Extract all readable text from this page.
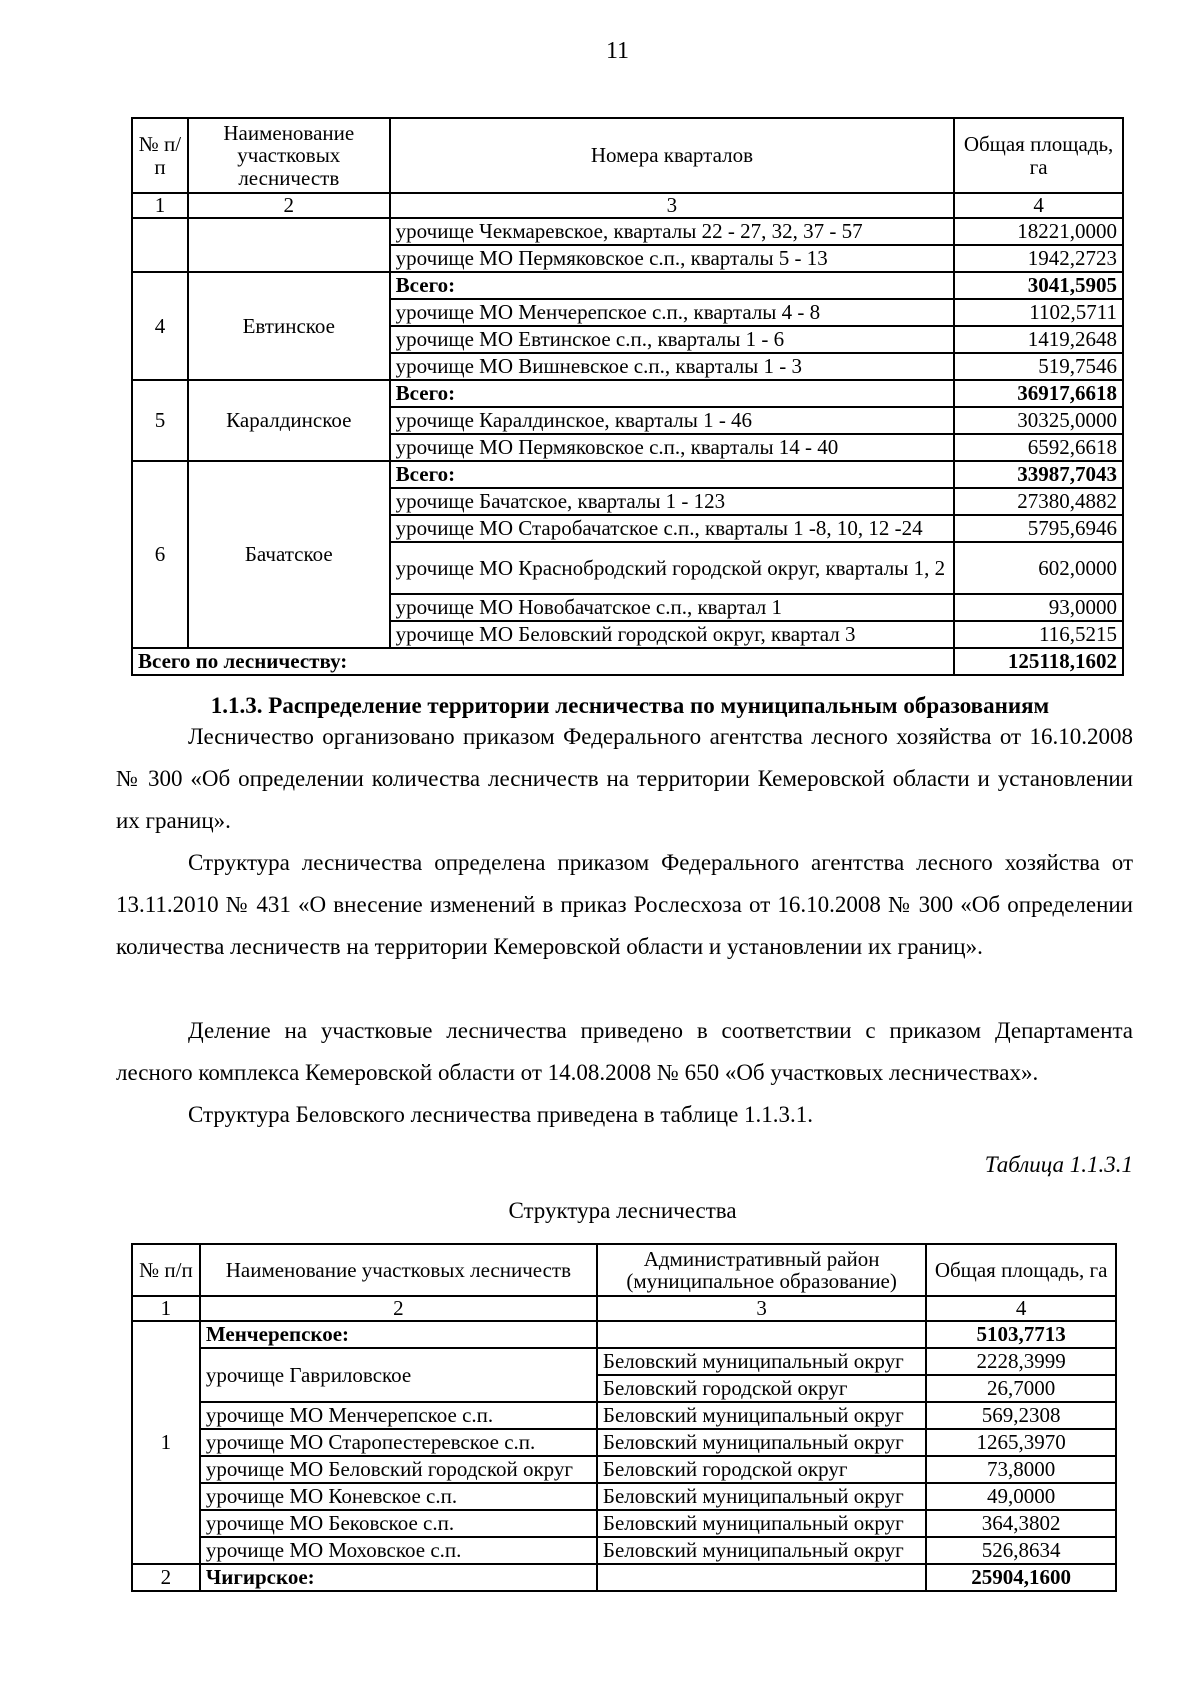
11
№ п/п	Наименование участковых лесничеств	Номера кварталов	Общая площадь, га
1	2	3	4
		урочище Чекмаревское, кварталы 22 - 27, 32, 37 - 57	18221,0000
		урочище МО Пермяковское с.п., кварталы 5 - 13	1942,2723
4	Евтинское	Всего:	3041,5905
		урочище МО Менчерепское с.п., кварталы 4 - 8	1102,5711
		урочище МО Евтинское с.п., кварталы 1 - 6	1419,2648
		урочище МО Вишневское с.п., кварталы 1 - 3	519,7546
5	Каралдинское	Всего:	36917,6618
		урочище Каралдинское, кварталы 1 - 46	30325,0000
		урочище МО Пермяковское с.п., кварталы 14 - 40	6592,6618
6	Бачатское	Всего:	33987,7043
		урочище Бачатское, кварталы 1 - 123	27380,4882
		урочище МО Старобачатское с.п., кварталы 1 -8, 10, 12 -24	5795,6946
		урочище МО Краснобродский городской округ, кварталы 1, 2	602,0000
		урочище МО Новобачатское с.п., квартал 1	93,0000
		урочище МО Беловский городской округ, квартал 3	116,5215
Всего по лесничеству:			125118,1602
1.1.3. Распределение территории лесничества по муниципальным образованиям
Лесничество организовано приказом Федерального агентства лесного хозяйства от 16.10.2008 № 300 «Об определении количества лесничеств на территории Кемеровской области и установлении их границ».
Структура лесничества определена приказом Федерального агентства лесного хозяйства от 13.11.2010 № 431 «О внесение изменений в приказ Рослесхоза от 16.10.2008 № 300 «Об определении количества лесничеств на территории Кемеровской области и установлении их границ».
Деление на участковые лесничества приведено в соответствии с приказом Департамента лесного комплекса Кемеровской области от 14.08.2008 № 650 «Об участковых лесничествах».
Структура Беловского лесничества приведена в таблице 1.1.3.1.
Таблица 1.1.3.1
Структура лесничества
№ п/п	Наименование участковых лесничеств	Административный район (муниципальное образование)	Общая площадь, га
1	2	3	4
1	Менчерепское:		5103,7713
	урочище Гавриловское	Беловский муниципальный округ	2228,3999
		Беловский городской округ	26,7000
	урочище МО Менчерепское с.п.	Беловский муниципальный округ	569,2308
	урочище МО Старопестеревское с.п.	Беловский муниципальный округ	1265,3970
	урочище МО Беловский городской округ	Беловский городской округ	73,8000
	урочище МО Коневское с.п.	Беловский муниципальный округ	49,0000
	урочище МО Бековское с.п.	Беловский муниципальный округ	364,3802
	урочище МО Моховское с.п.	Беловский муниципальный округ	526,8634
2	Чигирское:		25904,1600
